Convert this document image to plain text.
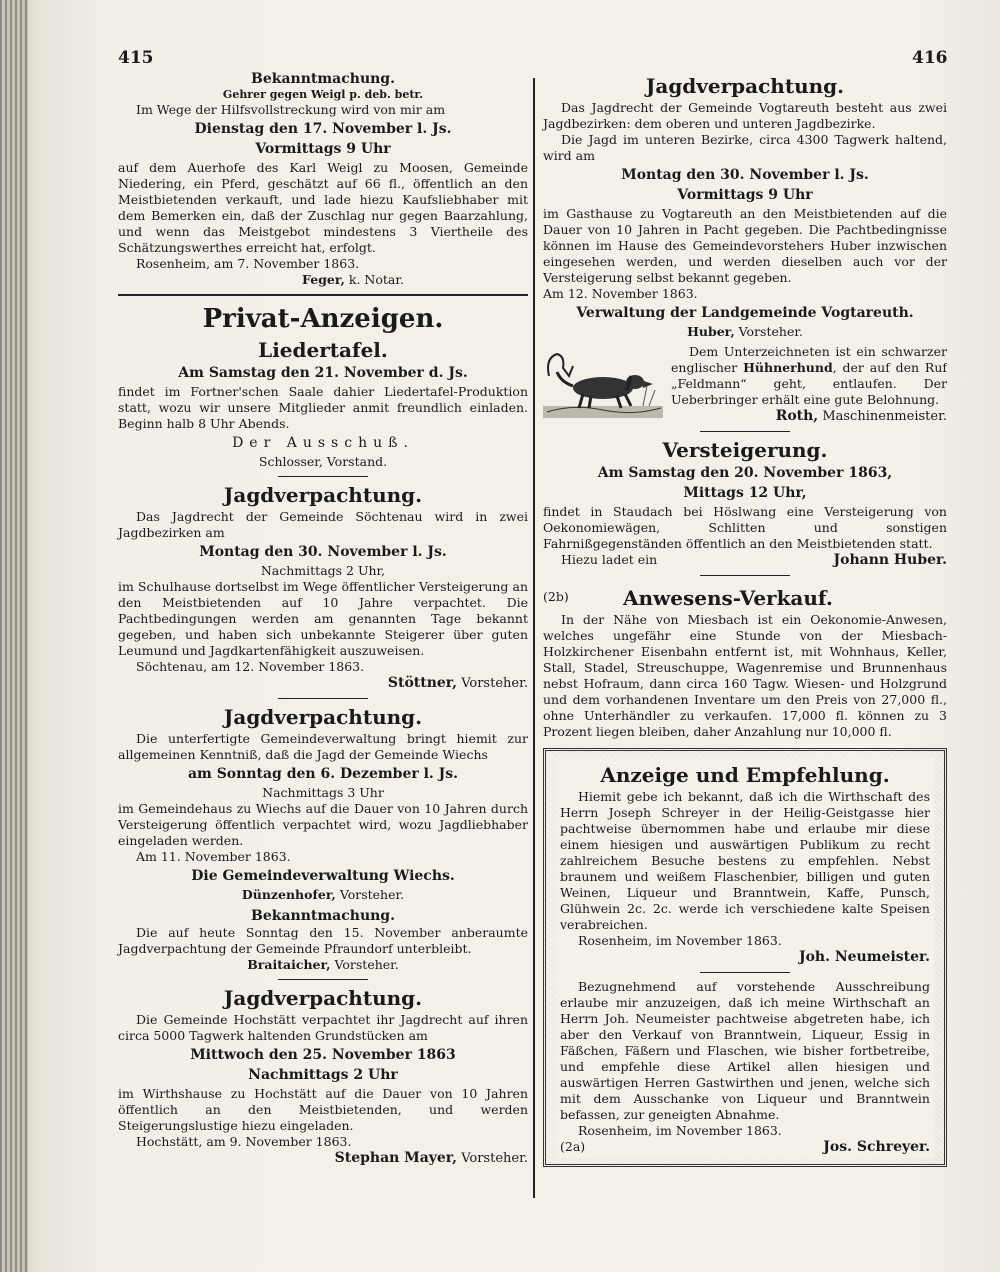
415	416

Bekanntmachung.

Gehrer gegen Weigl p. deb. betr.

Im Wege der Hilfsvollstreckung wird von mir am

Dienstag den 17. November l. Js.

Vormittags 9 Uhr

auf dem Auerhofe des Karl Weigl zu Moosen, Gemeinde Niedering, ein Pferd, geschätzt auf 66 fl., öffentlich an den Meistbietenden verkauft, und lade hiezu Kaufsliebhaber mit dem Bemerken ein, daß der Zuschlag nur gegen Baarzahlung, und wenn das Meistgebot mindestens 3 Viertheile des Schätzungswerthes erreicht hat, erfolgt.

Rosenheim, am 7. November 1863.

Feger, k. Notar.

Privat-Anzeigen.

Liedertafel.

Am Samstag den 21. November d. Js.

findet im Fortner'schen Saale dahier Liedertafel-Produktion statt, wozu wir unsere Mitglieder anmit freundlich einladen. Beginn halb 8 Uhr Abends.

Der Ausschuß.

Schlosser, Vorstand.

Jagdverpachtung.

Das Jagdrecht der Gemeinde Söchtenau wird in zwei Jagdbezirken am

Montag den 30. November l. Js.

Nachmittags 2 Uhr,

im Schulhause dortselbst im Wege öffentlicher Versteigerung an den Meistbietenden auf 10 Jahre verpachtet. Die Pachtbedingungen werden am genannten Tage bekannt gegeben, und haben sich unbekannte Steigerer über guten Leumund und Jagdkartenfähigkeit auszuweisen.

Söchtenau, am 12. November 1863.

Stöttner, Vorsteher.

Jagdverpachtung.

Die unterfertigte Gemeindeverwaltung bringt hiemit zur allgemeinen Kenntniß, daß die Jagd der Gemeinde Wiechs

am Sonntag den 6. Dezember l. Js.

Nachmittags 3 Uhr

im Gemeindehaus zu Wiechs auf die Dauer von 10 Jahren durch Versteigerung öffentlich verpachtet wird, wozu Jagdliebhaber eingeladen werden.

Am 11. November 1863.

Die Gemeindeverwaltung Wiechs.

Dünzenhofer, Vorsteher.

Bekanntmachung.

Die auf heute Sonntag den 15. November anberaumte Jagdverpachtung der Gemeinde Pfraundorf unterbleibt.

Braitaicher, Vorsteher.

Jagdverpachtung.

Die Gemeinde Hochstätt verpachtet ihr Jagdrecht auf ihren circa 5000 Tagwerk haltenden Grundstücken am

Mittwoch den 25. November 1863

Nachmittags 2 Uhr

im Wirthshause zu Hochstätt auf die Dauer von 10 Jahren öffentlich an den Meistbietenden, und werden Steigerungslustige hiezu eingeladen.

Hochstätt, am 9. November 1863.

Stephan Mayer, Vorsteher.

Jagdverpachtung.

Das Jagdrecht der Gemeinde Vogtareuth besteht aus zwei Jagdbezirken: dem oberen und unteren Jagdbezirke.

Die Jagd im unteren Bezirke, circa 4300 Tagwerk haltend, wird am

Montag den 30. November l. Js.

Vormittags 9 Uhr

im Gasthause zu Vogtareuth an den Meistbietenden auf die Dauer von 10 Jahren in Pacht gegeben. Die Pachtbedingnisse können im Hause des Gemeindevorstehers Huber inzwischen eingesehen werden, und werden dieselben auch vor der Versteigerung selbst bekannt gegeben.

Am 12. November 1863.

Verwaltung der Landgemeinde Vogtareuth.

Huber, Vorsteher.

Dem Unterzeichneten ist ein schwarzer englischer Hühnerhund, der auf den Ruf „Feldmann“ geht, entlaufen. Der Ueberbringer erhält eine gute Belohnung.

Roth, Maschinenmeister.

Versteigerung.

Am Samstag den 20. November 1863,

Mittags 12 Uhr,

findet in Staudach bei Höslwang eine Versteigerung von Oekonomiewägen, Schlitten und sonstigen Fahrnißgegenständen öffentlich an den Meistbietenden statt.

Hiezu ladet ein	Johann Huber.

(2b)	Anwesens-Verkauf.

In der Nähe von Miesbach ist ein Oekonomie-Anwesen, welches ungefähr eine Stunde von der Miesbach-Holzkirchener Eisenbahn entfernt ist, mit Wohnhaus, Keller, Stall, Stadel, Streuschuppe, Wagenremise und Brunnenhaus nebst Hofraum, dann circa 160 Tagw. Wiesen- und Holzgrund und dem vorhandenen Inventare um den Preis von 27,000 fl., ohne Unterhändler zu verkaufen. 17,000 fl. können zu 3 Prozent liegen bleiben, daher Anzahlung nur 10,000 fl.

Anzeige und Empfehlung.

Hiemit gebe ich bekannt, daß ich die Wirthschaft des Herrn Joseph Schreyer in der Heilig-Geistgasse hier pachtweise übernommen habe und erlaube mir diese einem hiesigen und auswärtigen Publikum zu recht zahlreichem Besuche bestens zu empfehlen. Nebst braunem und weißem Flaschenbier, billigen und guten Weinen, Liqueur und Branntwein, Kaffe, Punsch, Glühwein 2c. 2c. werde ich verschiedene kalte Speisen verabreichen.

Rosenheim, im November 1863.

Joh. Neumeister.

Bezugnehmend auf vorstehende Ausschreibung erlaube mir anzuzeigen, daß ich meine Wirthschaft an Herrn Joh. Neumeister pachtweise abgetreten habe, ich aber den Verkauf von Branntwein, Liqueur, Essig in Fäßchen, Fäßern und Flaschen, wie bisher fortbetreibe, und empfehle diese Artikel allen hiesigen und auswärtigen Herren Gastwirthen und jenen, welche sich mit dem Ausschanke von Liqueur und Branntwein befassen, zur geneigten Abnahme.

Rosenheim, im November 1863.

(2a)	Jos. Schreyer.
